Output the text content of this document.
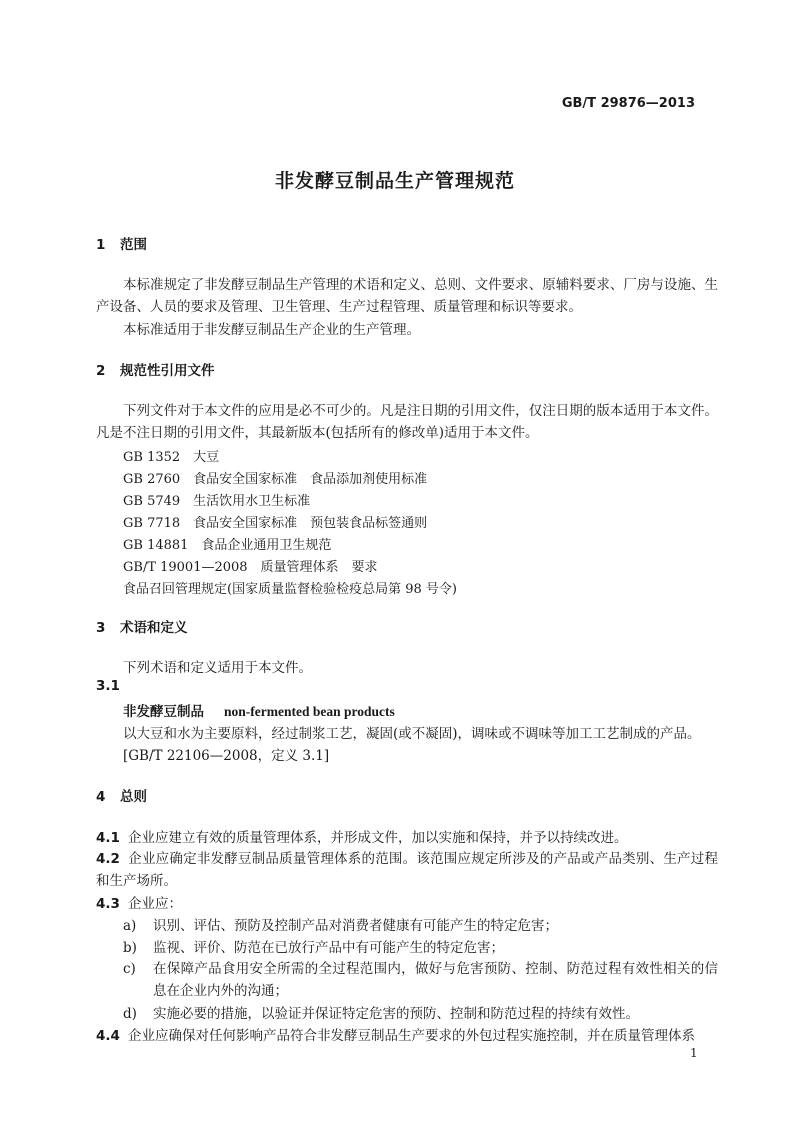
GB/T 29876—2013
非发酵豆制品生产管理规范
1 范围
本标准规定了非发酵豆制品生产管理的术语和定义、总则、文件要求、原辅料要求、厂房与设施、生产设备、人员的要求及管理、卫生管理、生产过程管理、质量管理和标识等要求。
本标准适用于非发酵豆制品生产企业的生产管理。
2 规范性引用文件
下列文件对于本文件的应用是必不可少的。凡是注日期的引用文件，仅注日期的版本适用于本文件。凡是不注日期的引用文件，其最新版本(包括所有的修改单)适用于本文件。
GB 1352　大豆
GB 2760　食品安全国家标准　食品添加剂使用标准
GB 5749　生活饮用水卫生标准
GB 7718　食品安全国家标准　预包装食品标签通则
GB 14881　食品企业通用卫生规范
GB/T 19001—2008　质量管理体系　要求
食品召回管理规定(国家质量监督检验检疫总局第 98 号令)
3 术语和定义
下列术语和定义适用于本文件。
3.1
非发酵豆制品 non-fermented bean products
以大豆和水为主要原料，经过制浆工艺，凝固(或不凝固)，调味或不调味等加工工艺制成的产品。
[GB/T 22106—2008，定义 3.1]
4 总则
4.1 企业应建立有效的质量管理体系，并形成文件，加以实施和保持，并予以持续改进。
4.2 企业应确定非发酵豆制品质量管理体系的范围。该范围应规定所涉及的产品或产品类别、生产过程和生产场所。
4.3 企业应：
a) 识别、评估、预防及控制产品对消费者健康有可能产生的特定危害；
b) 监视、评价、防范在已放行产品中有可能产生的特定危害；
c)	在保障产品食用安全所需的全过程范围内，做好与危害预防、控制、防范过程有效性相关的信息在企业内外的沟通；
d) 实施必要的措施，以验证并保证特定危害的预防、控制和防范过程的持续有效性。
4.4 企业应确保对任何影响产品符合非发酵豆制品生产要求的外包过程实施控制，并在质量管理体系
1
